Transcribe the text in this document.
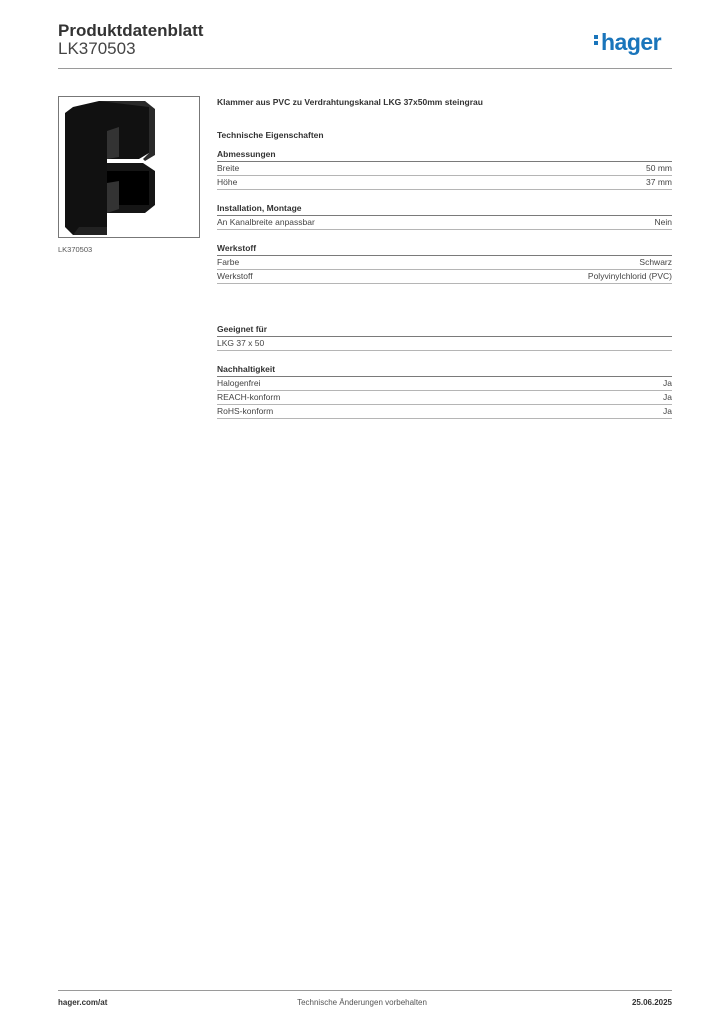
Produktdatenblatt
LK370503	hager
LK370503
Klammer aus PVC zu Verdrahtungskanal LKG 37x50mm steingrau
Technische Eigenschaften
Abmessungen
Breite	50 mm
Höhe	37 mm
Installation, Montage
An Kanalbreite anpassbar	Nein
Werkstoff
Farbe	Schwarz
Werkstoff	Polyvinylchlorid (PVC)
Geeignet für
LKG 37 x 50
Nachhaltigkeit
Halogenfrei	Ja
REACH-konform	Ja
RoHS-konform	Ja
Technische Änderungen vorbehalten
hager.com/at	25.06.2025
